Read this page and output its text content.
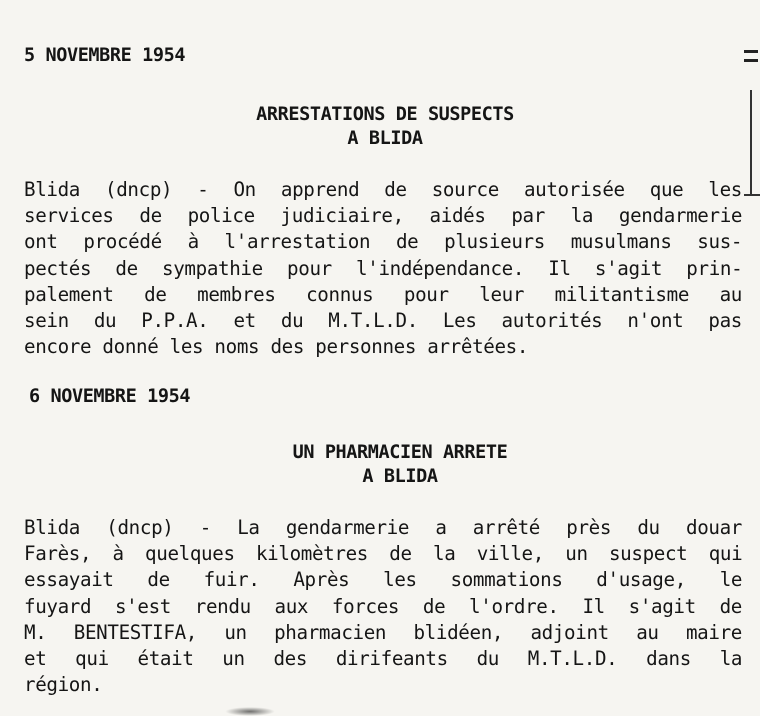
5 NOVEMBRE 1954
ARRESTATIONS DE SUSPECTS
A BLIDA
Blida (dncp) - On apprend de source autorisée que les
services de police judiciaire, aidés par la gendarmerie
ont procédé à l'arrestation de plusieurs musulmans sus-
pectés de sympathie pour l'indépendance. Il s'agit prin-
palement de membres connus pour leur militantisme au
sein du P.P.A. et du M.T.L.D. Les autorités n'ont pas
encore donné les noms des personnes arrêtées.
6 NOVEMBRE 1954
UN PHARMACIEN ARRETE
A BLIDA
Blida (dncp) - La gendarmerie a arrêté près du douar
Farès, à quelques kilomètres de la ville, un suspect qui
essayait de fuir. Après les sommations d'usage, le
fuyard s'est rendu aux forces de l'ordre. Il s'agit de
M. BENTESTIFA, un pharmacien blidéen, adjoint au maire
et qui était un des dirifeants du M.T.L.D. dans la
région.
